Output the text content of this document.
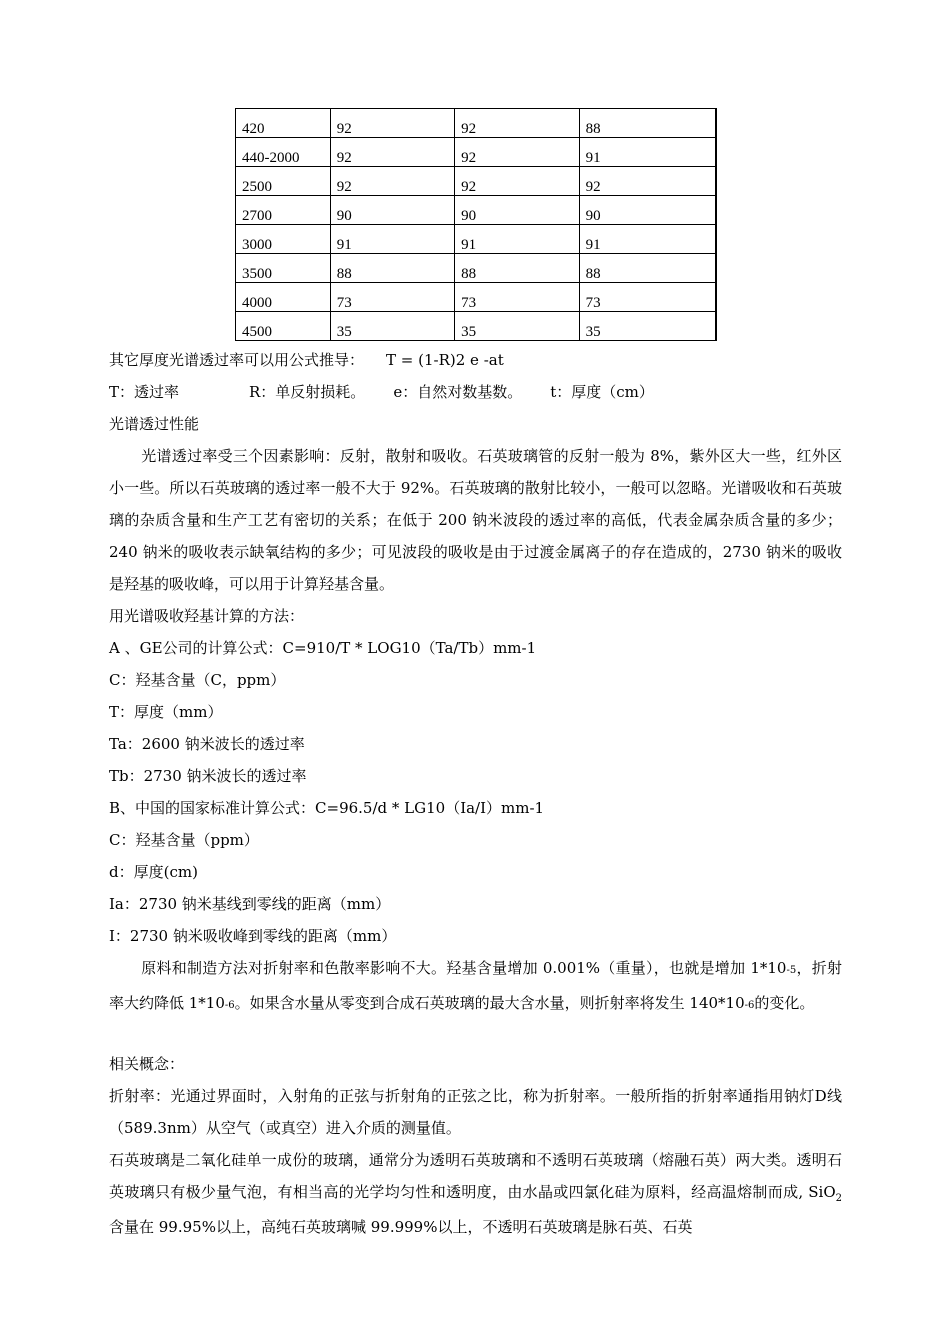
420	92	92	88
440-2000	92	92	91
2500	92	92	92
2700	90	90	90
3000	91	91	91
3500	88	88	88
4000	73	73	73
4500	35	35	35
其它厚度光谱透过率可以用公式推导： T = (1-R)2 e -at
T：透过率	R：单反射损耗。 e：自然对数基数。 t：厚度（cm）
光谱透过性能
光谱透过率受三个因素影响：反射，散射和吸收。石英玻璃管的反射一般为 8%，紫外区大一些，红外区小一些。所以石英玻璃的透过率一般不大于 92%。石英玻璃的散射比较小，一般可以忽略。光谱吸收和石英玻璃的杂质含量和生产工艺有密切的关系；在低于 200 钠米波段的透过率的高低，代表金属杂质含量的多少；240 钠米的吸收表示缺氧结构的多少；可见波段的吸收是由于过渡金属离子的存在造成的，2730 钠米的吸收是羟基的吸收峰，可以用于计算羟基含量。
用光谱吸收羟基计算的方法：
A 、GE公司的计算公式：C=910/T * LOG10（Ta/Tb）mm-1
C：羟基含量（C，ppm）
T：厚度（mm）
Ta：2600 钠米波长的透过率
Tb：2730 钠米波长的透过率
B、中国的国家标准计算公式：C=96.5/d * LG10（Ia/I）mm-1
C：羟基含量（ppm）
d：厚度(cm)
Ia：2730 钠米基线到零线的距离（mm）
I：2730 钠米吸收峰到零线的距离（mm）
原料和制造方法对折射率和色散率影响不大。羟基含量增加 0.001%（重量），也就是增加 1*10-5，折射率大约降低 1*10-6。如果含水量从零变到合成石英玻璃的最大含水量，则折射率将发生 140*10-6的变化。
相关概念：
折射率：光通过界面时，入射角的正弦与折射角的正弦之比，称为折射率。一般所指的折射率通指用钠灯D线（589.3nm）从空气（或真空）进入介质的测量值。
石英玻璃是二氧化硅单一成份的玻璃，通常分为透明石英玻璃和不透明石英玻璃（熔融石英）两大类。透明石英玻璃只有极少量气泡，有相当高的光学均匀性和透明度，由水晶或四氯化硅为原料，经高温熔制而成, SiO$_2$ 含量在 99.95%以上，高纯石英玻璃喊 99.999%以上，不透明石英玻璃是脉石英、石英
